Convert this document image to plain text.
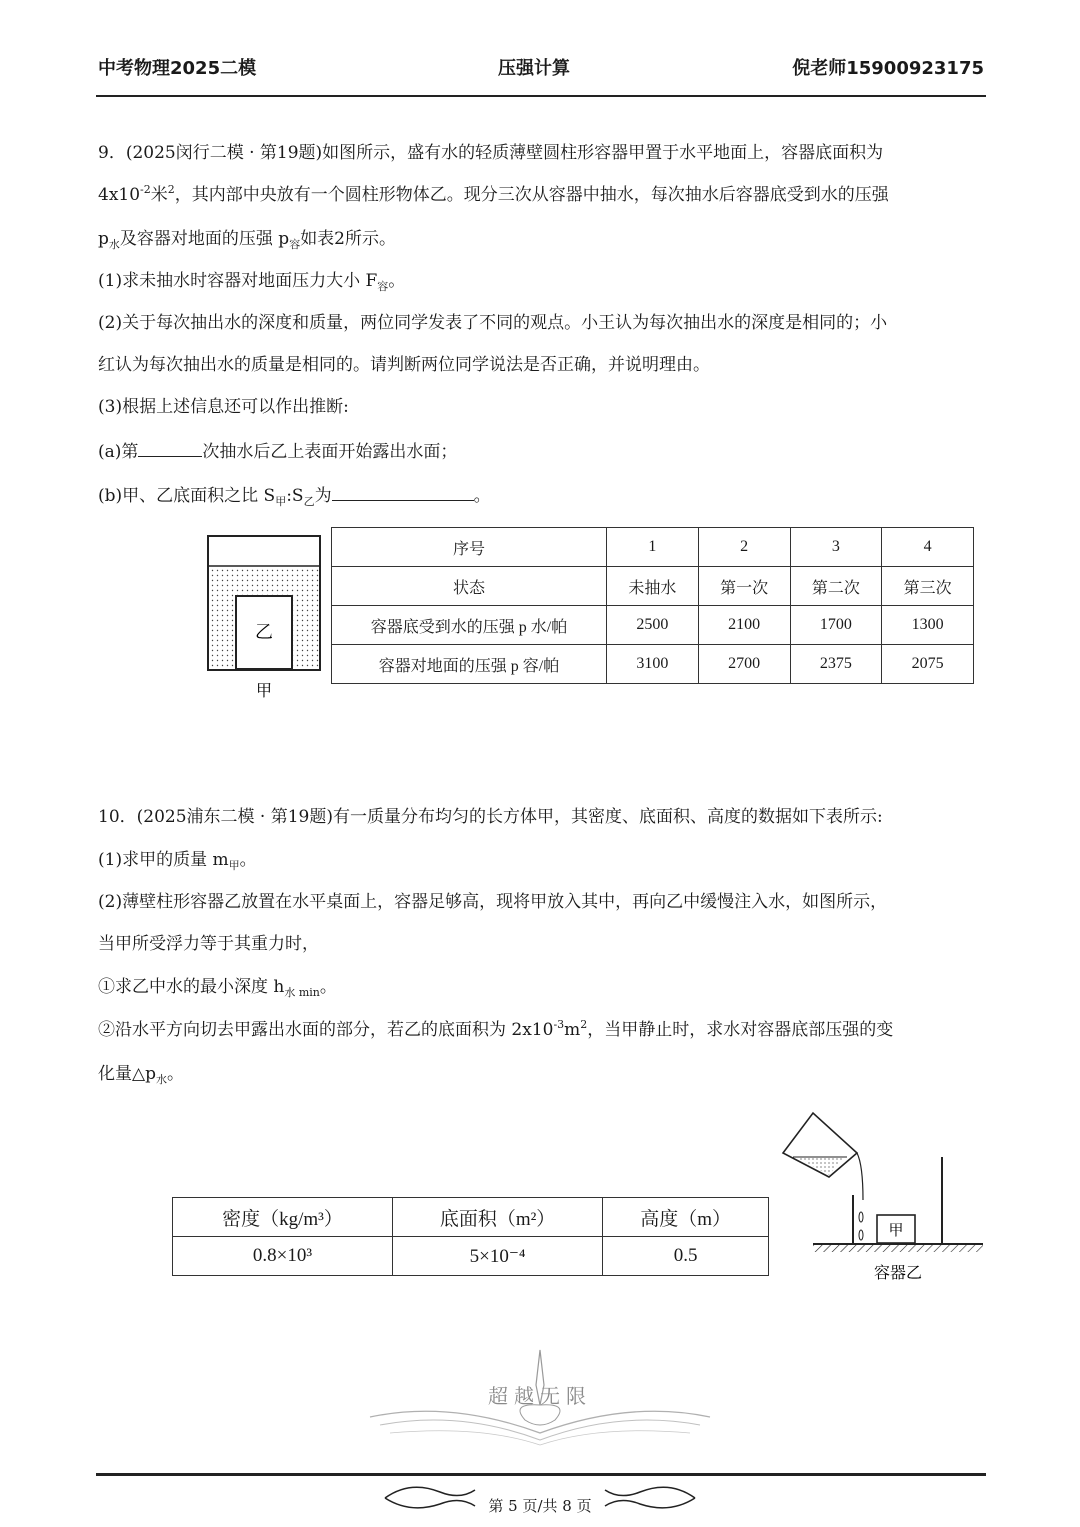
中考物理2025二模	压强计算	倪老师15900923175
9．(2025闵行二模 · 第19题)如图所示，盛有水的轻质薄壁圆柱形容器甲置于水平地面上，容器底面积为
$4x10^{-2}$米$^2$，其内部中央放有一个圆柱形物体乙。现分三次从容器中抽水，每次抽水后容器底受到水的压强
$p_水$及容器对地面的压强 $p_容$如表2所示。
(1)求未抽水时容器对地面压力大小 $F_容$。
(2)关于每次抽出水的深度和质量，两位同学发表了不同的观点。小王认为每次抽出水的深度是相同的；小
红认为每次抽出水的质量是相同的。请判断两位同学说法是否正确，并说明理由。
(3)根据上述信息还可以作出推断:
(a)第	次抽水后乙上表面开始露出水面；
(b)甲、乙底面积之比 $S_甲:S_乙$为	。
乙
甲
序号	1	2	3	4
状态	未抽水	第一次	第二次	第三次
容器底受到水的压强 p 水/帕	2500	2100	1700	1300
容器对地面的压强 p 容/帕	3100	2700	2375	2075
10．(2025浦东二模 · 第19题)有一质量分布均匀的长方体甲，其密度、底面积、高度的数据如下表所示:
(1)求甲的质量 $m_甲$。
(2)薄壁柱形容器乙放置在水平桌面上，容器足够高，现将甲放入其中，再向乙中缓慢注入水，如图所示，
当甲所受浮力等于其重力时，
①求乙中水的最小深度 $h_{水 min}$。
②沿水平方向切去甲露出水面的部分，若乙的底面积为 $2x10^{-3}m^2$，当甲静止时，求水对容器底部压强的变
化量$\triangle p_水$。
密度（kg/m³）	底面积（m²）	高度（m）
0.8×10³	5×10⁻⁴	0.5
甲
容器乙
超越无限
第 5 页/共 8 页
